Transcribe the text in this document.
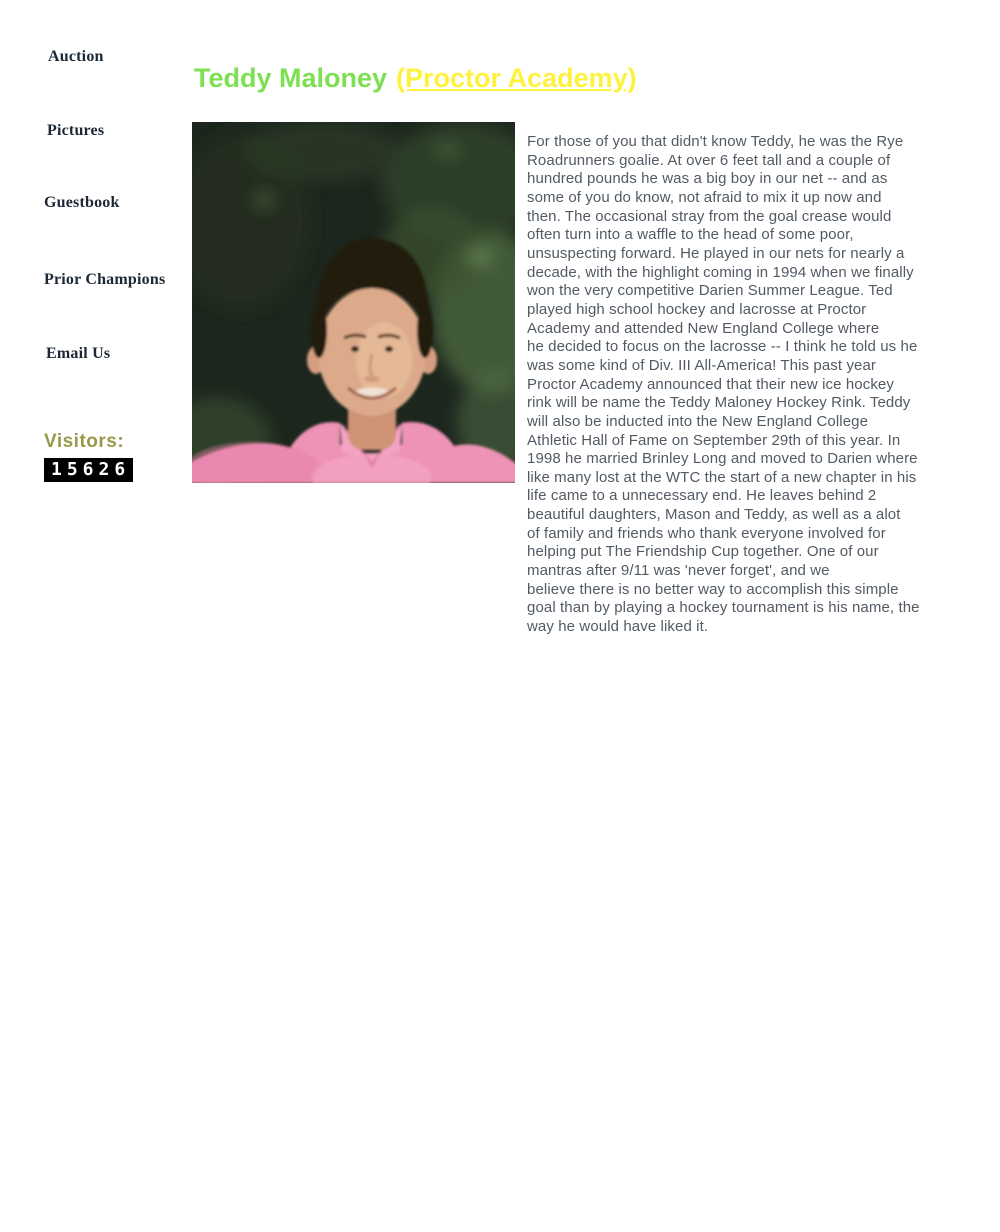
Auction
Pictures
Guestbook
Prior Champions
Email Us
Visitors:
15626
Teddy Maloney (Proctor Academy)
For those of you that didn't know Teddy, he was the Rye
Roadrunners goalie. At over 6 feet tall and a couple of
hundred pounds he was a big boy in our net -- and as
some of you do know, not afraid to mix it up now and
then. The occasional stray from the goal crease would
often turn into a waffle to the head of some poor,
unsuspecting forward. He played in our nets for nearly a
decade, with the highlight coming in 1994 when we finally
won the very competitive Darien Summer League. Ted
played high school hockey and lacrosse at Proctor
Academy and attended New England College where
he decided to focus on the lacrosse -- I think he told us he
was some kind of Div. III All-America! This past year
Proctor Academy announced that their new ice hockey
rink will be name the Teddy Maloney Hockey Rink. Teddy
will also be inducted into the New England College
Athletic Hall of Fame on September 29th of this year. In
1998 he married Brinley Long and moved to Darien where
like many lost at the WTC the start of a new chapter in his
life came to a unnecessary end. He leaves behind 2
beautiful daughters, Mason and Teddy, as well as a alot
of family and friends who thank everyone involved for
helping put The Friendship Cup together. One of our
mantras after 9/11 was 'never forget', and we
believe there is no better way to accomplish this simple
goal than by playing a hockey tournament is his name, the
way he would have liked it.
